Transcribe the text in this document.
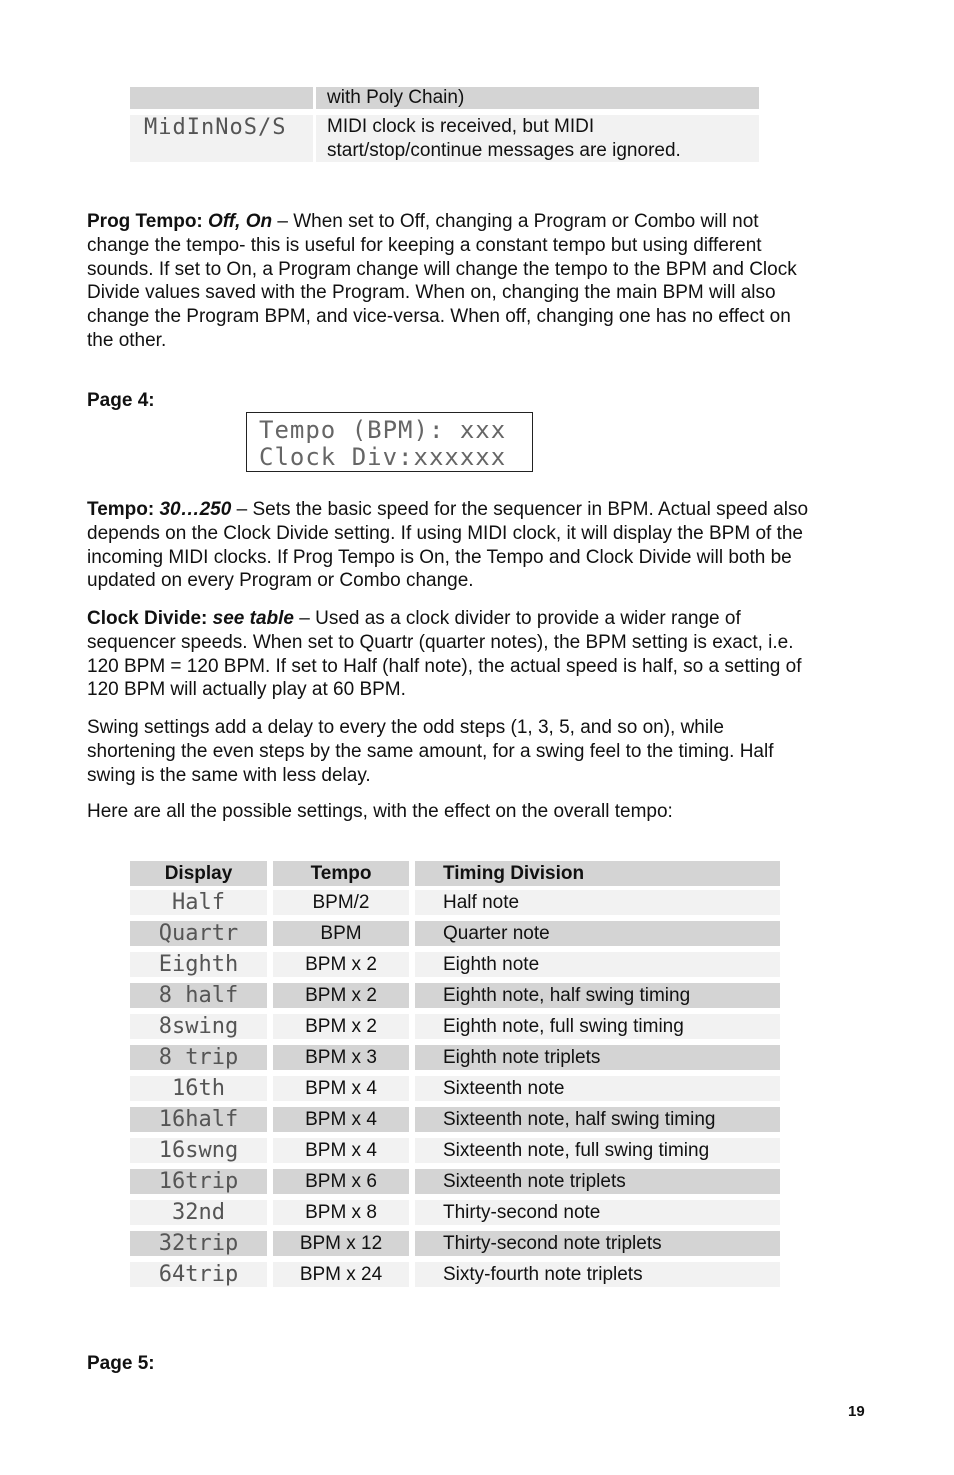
with Poly Chain)
MidInNoS/S	MIDI clock is received, but MIDI
start/stop/continue messages are ignored.
Prog Tempo: Off, On – When set to Off, changing a Program or Combo will not
change the tempo- this is useful for keeping a constant tempo but using different
sounds. If set to On, a Program change will change the tempo to the BPM and Clock
Divide values saved with the Program. When on, changing the main BPM will also
change the Program BPM, and vice-versa. When off, changing one has no effect on
the other.
Page 4:
Tempo (BPM): xxx
Clock Div:xxxxxx
Tempo: 30…250 – Sets the basic speed for the sequencer in BPM. Actual speed also
depends on the Clock Divide setting. If using MIDI clock, it will display the BPM of the
incoming MIDI clocks. If Prog Tempo is On, the Tempo and Clock Divide will both be
updated on every Program or Combo change.
Clock Divide: see table – Used as a clock divider to provide a wider range of
sequencer speeds. When set to Quartr (quarter notes), the BPM setting is exact, i.e.
120 BPM = 120 BPM. If set to Half (half note), the actual speed is half, so a setting of
120 BPM will actually play at 60 BPM.
Swing settings add a delay to every the odd steps (1, 3, 5, and so on), while
shortening the even steps by the same amount, for a swing feel to the timing. Half
swing is the same with less delay.
Here are all the possible settings, with the effect on the overall tempo:
Display	Tempo	Timing Division
Half	BPM/2	Half note
Quartr	BPM	Quarter note
Eighth	BPM x 2	Eighth note
8 half	BPM x 2	Eighth note, half swing timing
8swing	BPM x 2	Eighth note, full swing timing
8 trip	BPM x 3	Eighth note triplets
16th	BPM x 4	Sixteenth note
16half	BPM x 4	Sixteenth note, half swing timing
16swng	BPM x 4	Sixteenth note, full swing timing
16trip	BPM x 6	Sixteenth note triplets
32nd	BPM x 8	Thirty-second note
32trip	BPM x 12	Thirty-second note triplets
64trip	BPM x 24	Sixty-fourth note triplets
Page 5:
19
